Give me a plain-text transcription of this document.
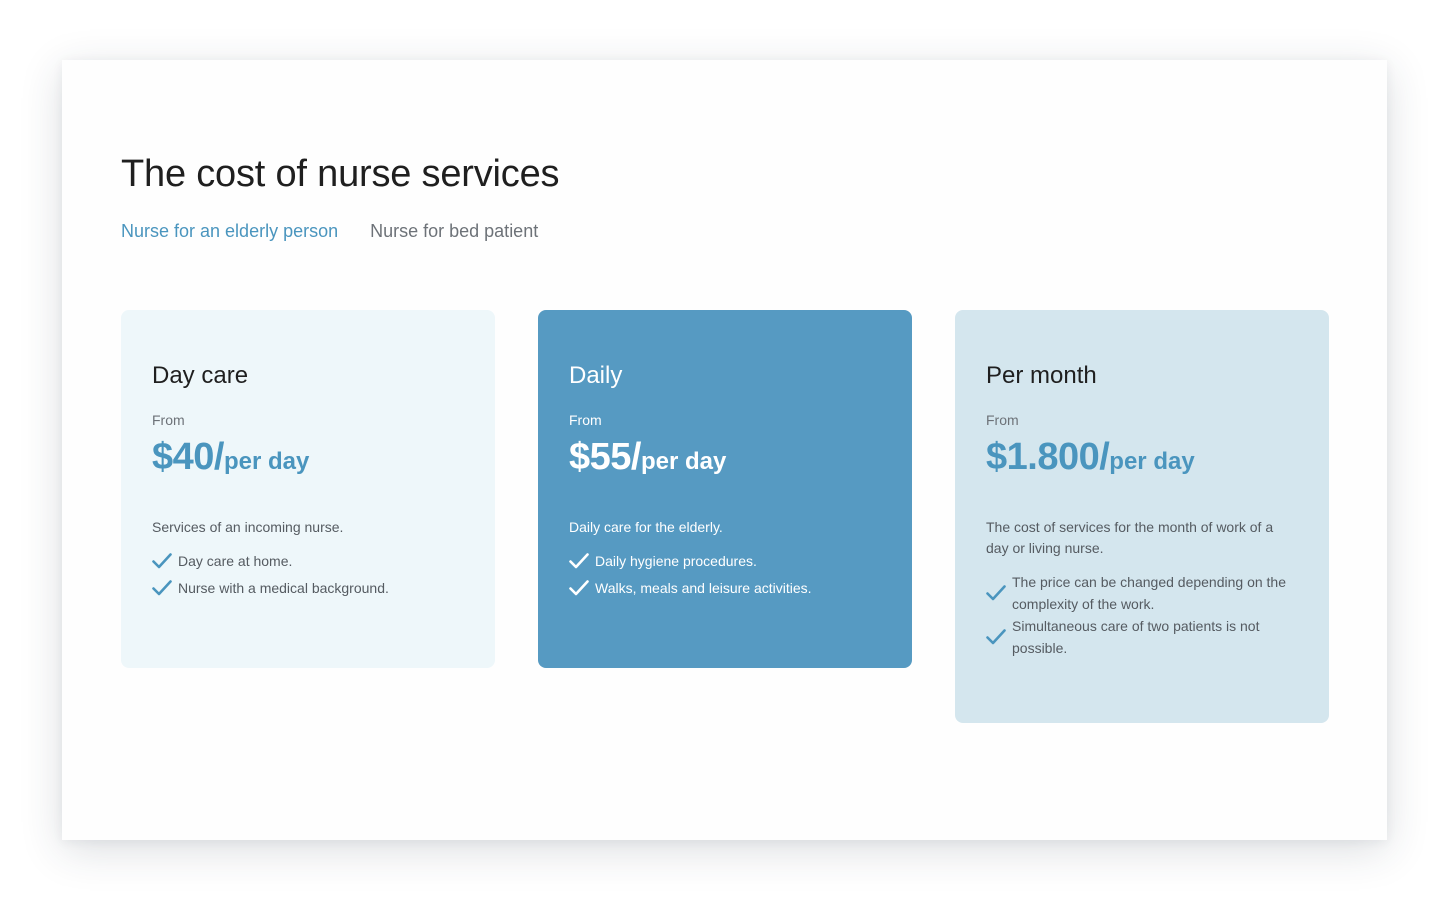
The cost of nurse services
Nurse for an elderly person Nurse for bed patient
Day care
From
$40/per day
Services of an incoming nurse.
Day care at home.
Nurse with a medical background.
Daily
From
$55/per day
Daily care for the elderly.
Daily hygiene procedures.
Walks, meals and leisure activities.
Per month
From
$1.800/per day
The cost of services for the month of work of a day or living nurse.
The price can be changed depending on the complexity of the work.
Simultaneous care of two patients is not possible.
